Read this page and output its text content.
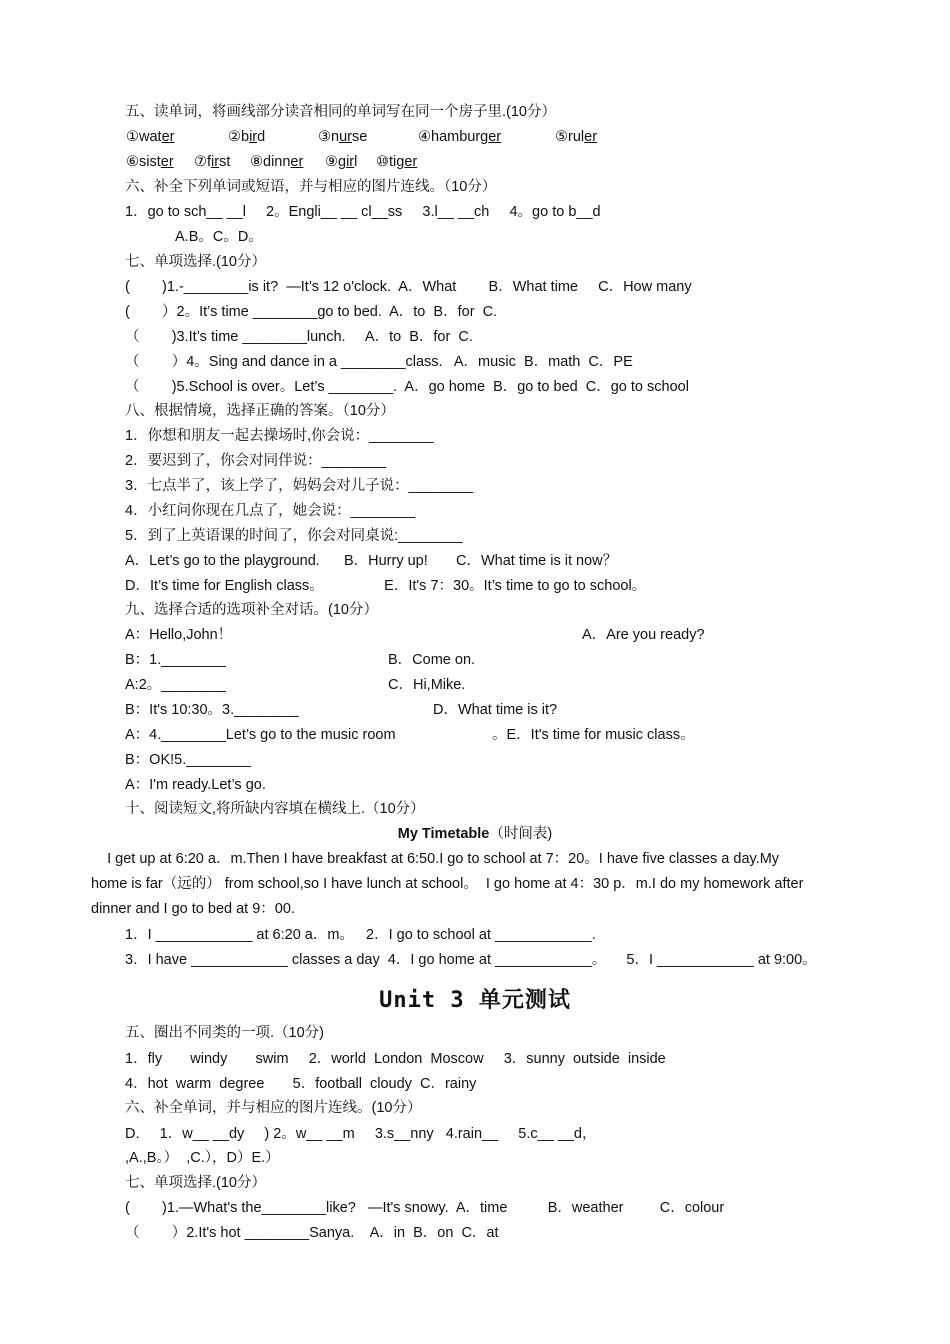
五、读单词，将画线部分读音相同的单词写在同一个房子里.(10分）
①water	②bird	③nurse	④hamburger	⑤ruler
⑥sister ⑦first ⑧dinner ⑨girl ⑩tiger
六、补全下列单词或短语，并与相应的图片连线。（10分）
1．go to sch__ __l     2。Engli__ __ cl__ss     3.l__ __ch     4。go to b__d
A.B。C。D。
七、单项选择.(10分）
(        )1.-________is it?  —It’s 12 o'clock.  A．What        B．What time     C．How many
(        ）2。It’s time ________go to bed.  A．to  B．for  C.
（        )3.It’s time ________lunch.     A．to  B．for  C.
（        ）4。Sing and dance in a ________class.   A．music  B．math  C．PE
（        )5.School is over。Let’s ________.  A．go home  B．go to bed  C．go to school
八、根据情境，选择正确的答案。（10分）
1．你想和朋友一起去操场时,你会说：________
2．要迟到了，你会对同伴说：________
3．七点半了，该上学了，妈妈会对儿子说：________
4．小红问你现在几点了，她会说：________
5．到了上英语课的时间了，你会对同桌说:________
A．Let’s go to the playground.      B．Hurry up!       C．What time is it now？
D．It’s time for English class。               E．It's 7：30。It’s time to go to school。
九、选择合适的选项补全对话。(10分）
A：Hello,John！	A．Are you ready?
B：1.________	B．Come on.
A:2。________	C．Hi,Mike.
B：It's 10:30。3.________	D．What time is it?
A：4.________Let’s go to the music room	。E．It's time for music class。
B：OK!5.________
A：I'm ready.Let’s go.
十、阅读短文,将所缺内容填在横线上.（10分）
My Timetable（时间表)
I get up at 6:20 a．m.Then I have breakfast at 6:50.I go to school at 7：20。I have five classes a day.My
home is far（远的） from school,so I have lunch at school。  I go home at 4：30 p．m.I do my homework after
dinner and I go to bed at 9：00.
1．I ____________ at 6:20 a．m。   2．I go to school at ____________.
3．I have ____________ classes a day  4．I go home at ____________。     5．I ____________ at 9:00。
Unit 3 单元测试
五、圈出不同类的一项.（10分)
1．fly       windy       swim     2．world  London  Moscow     3．sunny  outside  inside
4．hot  warm  degree       5．football  cloudy  C．rainy
六、补全单词，并与相应的图片连线。(10分）
D.     1．w__ __dy     ) 2。w__ __m     3.s__nny   4.rain__     5.c__ __d，
,A.,B。）  ,C.），D）E.）
七、单项选择.(10分）
(        )1.—What's the________like?   —It's snowy.  A．time          B．weather         C．colour
（        ）2.It's hot ________Sanya.    A．in  B．on  C．at
